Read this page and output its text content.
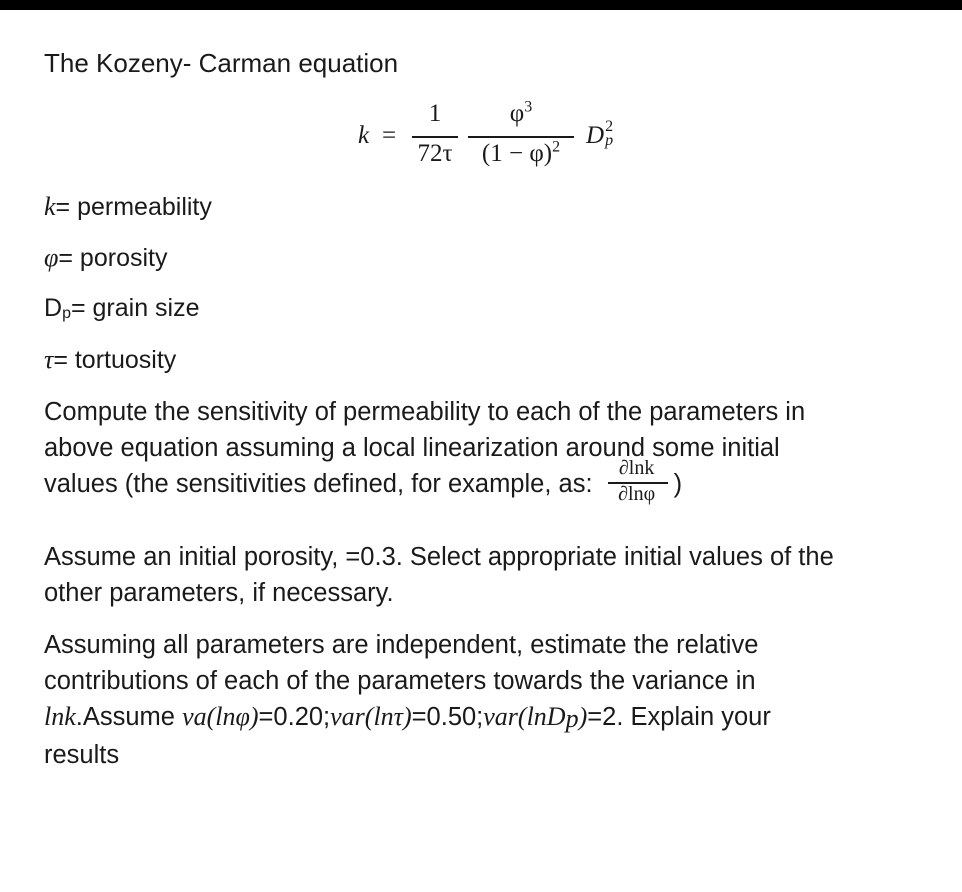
The Kozeny- Carman equation
k =
1
72τ
$\varphi^3$
$(1 - \varphi)^2$	D 2
p
k= permeability
φ= porosity
Dp= grain size
τ= tortuosity
Compute the sensitivity of permeability to each of the parameters in
above equation assuming a local linearization around some initial
values (the sensitivities defined, for example, as: $\frac{\partial\ln k}{\partial\ln\varphi}$ )
Assume an initial porosity, =0.3. Select appropriate initial values of the
other parameters, if necessary.
Assuming all parameters are independent, estimate the relative
contributions of each of the parameters towards the variance in
lnk.Assume va(lnφ)=0.20;var(lnτ)=0.50;var(lnDp)=2. Explain your
results
